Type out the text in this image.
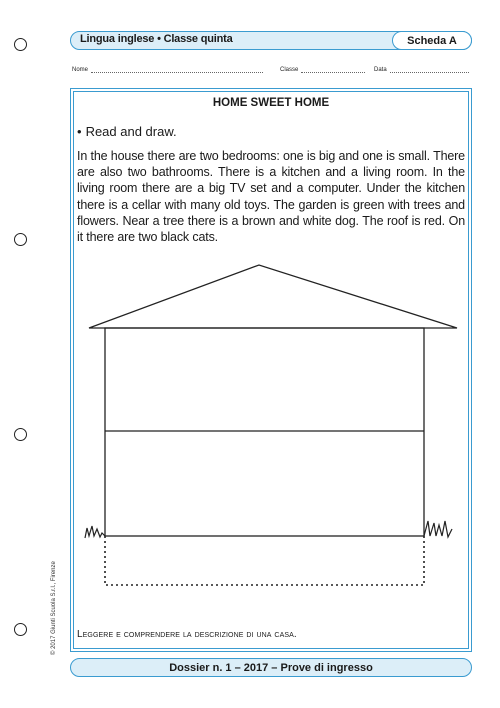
Lingua inglese • Classe quinta	Scheda A
Nome	Classe	Data
HOME SWEET HOME
• Read and draw.
In the house there are two bedrooms: one is big and one is small. There are also two bathrooms. There is a kitchen and a living room. In the living room there are a big TV set and a computer. Under the kitchen there is a cellar with many old toys. The garden is green with trees and flowers. Near a tree there is a brown and white dog. The roof is red. On it there are two black cats.
Leggere e comprendere la descrizione di una casa.
© 2017 Giunti Scuola S.r.l., Firenze
Dossier n. 1 – 2017 – Prove di ingresso
